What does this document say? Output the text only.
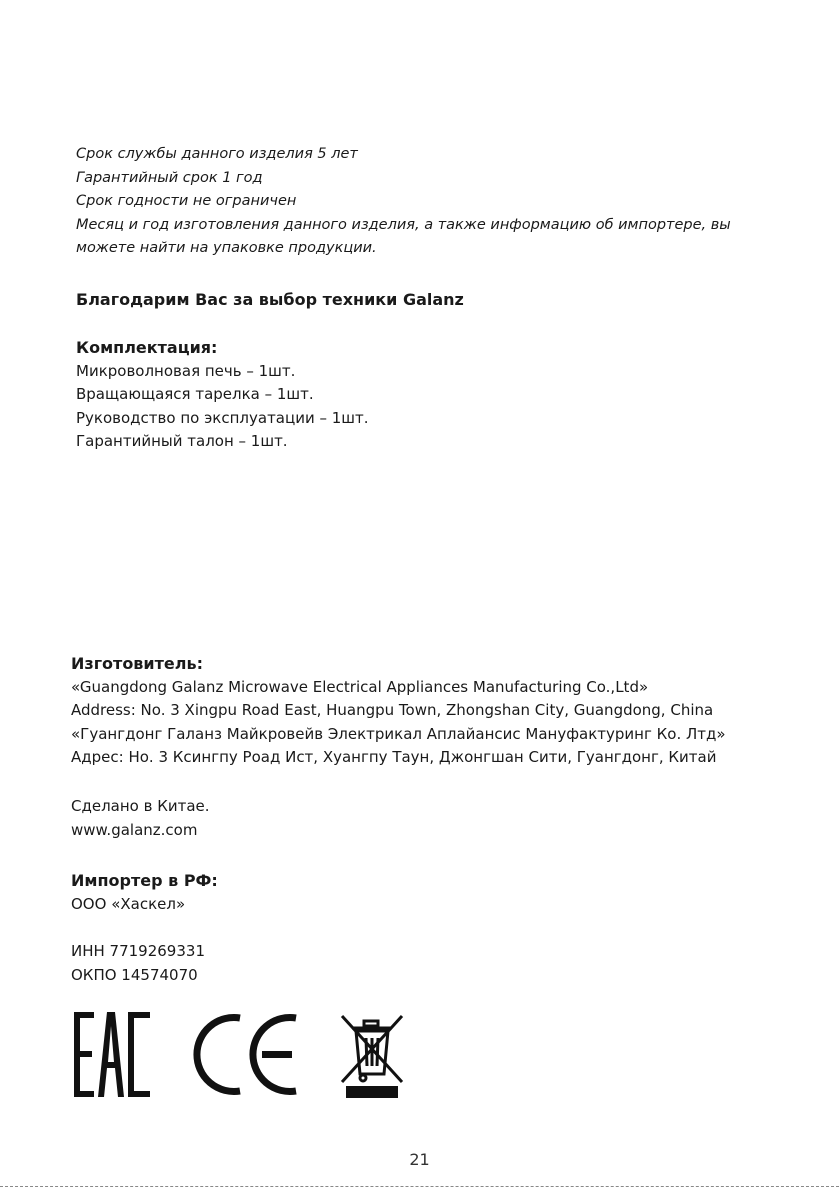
Срок службы данного изделия 5 лет
Гарантийный срок 1 год
Срок годности не ограничен
Месяц и год изготовления данного изделия, а также информацию об импортере, вы
можете найти на упаковке продукции.
Благодарим Вас за выбор техники Galanz
Комплектация:
Микроволновая печь – 1шт.
Вращающаяся тарелка – 1шт.
Руководство по эксплуатации – 1шт.
Гарантийный талон – 1шт.
Изготовитель:
«Guangdong Galanz Microwave Electrical Appliances Manufacturing Co.,Ltd»
Address: No. 3 Xingpu Road East, Huangpu Town, Zhongshan City, Guangdong, China
«Гуангдонг Галанз Майкровейв Электрикал Аплайансис Мануфактуринг Ко. Лтд»
Адрес: Но. 3 Ксингпу Роад Ист, Хуангпу Таун, Джонгшан Сити, Гуангдонг, Китай
Сделано в Китае.
www.galanz.com
Импортер в РФ:
ООО «Хаскел»
ИНН 7719269331
ОКПО 14574070
21
